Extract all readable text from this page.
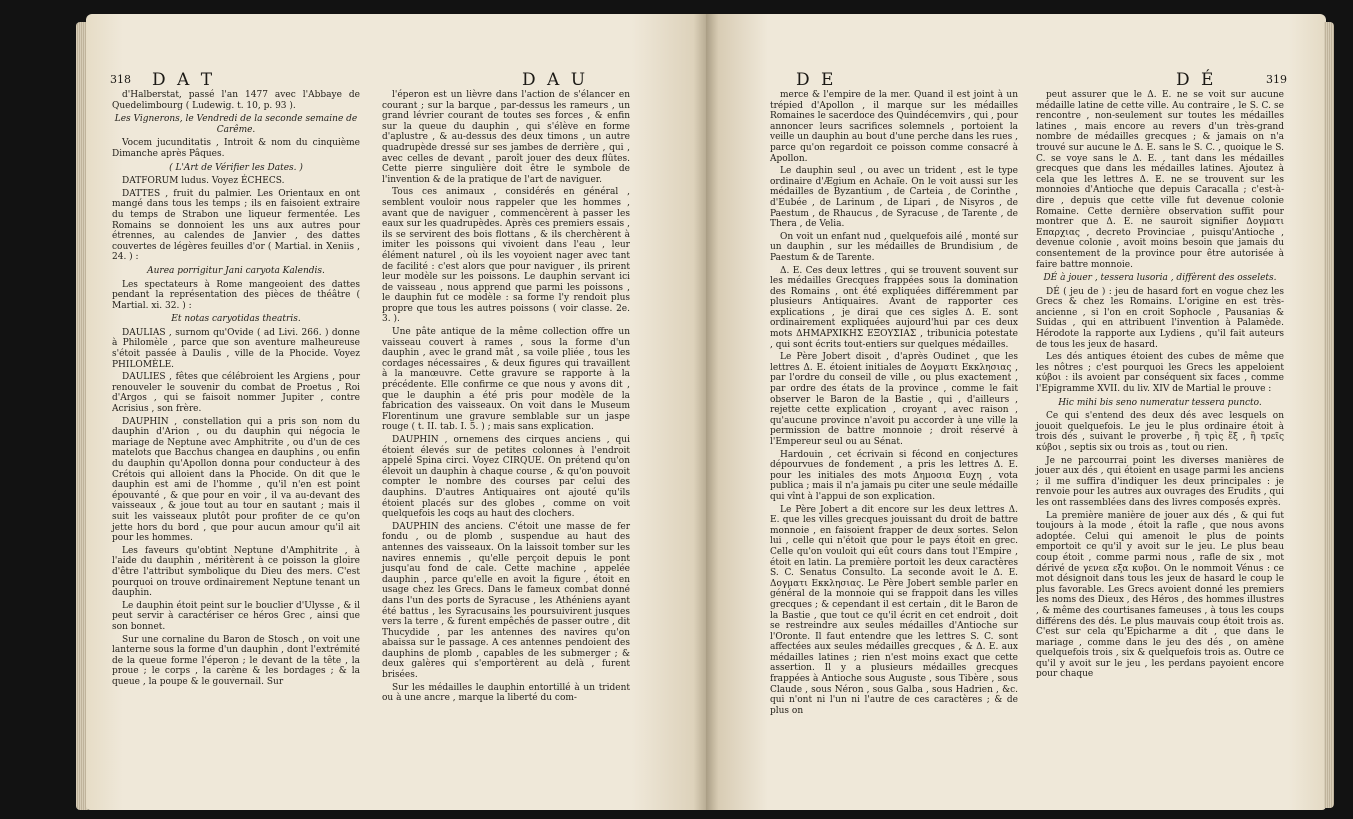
318 D A T	D A U

d'Halberstat, passé l'an 1477 avec l'Abbaye de Quedelimbourg ( Ludewig. t. 10, p. 93 ).

Les Vignerons, le Vendredi de la seconde semaine de Carême.

Vocem jucunditatis , Introit & nom du cinquième Dimanche après Pâques.

( L'Art de Vérifier les Dates. )

DATFORUM ludus. Voyez ÉCHECS.

DATTES , fruit du palmier. Les Orientaux en ont mangé dans tous les temps ; ils en faisoient extraire du temps de Strabon une liqueur fermentée. Les Romains se donnoient les uns aux autres pour étrennes, au calendes de Janvier , des dattes couvertes de légères feuilles d'or ( Martial. in Xeniis , 24. ) :

Aurea porrigitur Jani caryota Kalendis.

Les spectateurs à Rome mangeoient des dattes pendant la représentation des pièces de théâtre ( Martial. xi. 32. ) :

Et notas caryotidas theatris.

DAULIAS , surnom qu'Ovide ( ad Livi. 266. ) donne à Philomèle , parce que son aventure malheureuse s'étoit passée à Daulis , ville de la Phocide. Voyez PHILOMÈLE.

DAULIES , fêtes que célébroient les Argiens , pour renouveler le souvenir du combat de Proetus , Roi d'Argos , qui se faisoit nommer Jupiter , contre Acrisius , son frère.

DAUPHIN , constellation qui a pris son nom du dauphin d'Arion , ou du dauphin qui négocia le mariage de Neptune avec Amphitrite , ou d'un de ces matelots que Bacchus changea en dauphins , ou enfin du dauphin qu'Apollon donna pour conducteur à des Crétois qui alloient dans la Phocide. On dit que le dauphin est ami de l'homme , qu'il n'en est point épouvanté , & que pour en voir , il va au-devant des vaisseaux , & joue tout au tour en sautant ; mais il suit les vaisseaux plutôt pour profiter de ce qu'on jette hors du bord , que pour aucun amour qu'il ait pour les hommes.

Les faveurs qu'obtint Neptune d'Amphitrite , à l'aide du dauphin , méritèrent à ce poisson la gloire d'être l'attribut symbolique du Dieu des mers. C'est pourquoi on trouve ordinairement Neptune tenant un dauphin.

Le dauphin étoit peint sur le bouclier d'Ulysse , & il peut servir à caractériser ce héros Grec , ainsi que son bonnet.

Sur une cornaline du Baron de Stosch , on voit une lanterne sous la forme d'un dauphin , dont l'extrémité de la queue forme l'éperon ; le devant de la tête , la proue ; le corps , la carène & les bordages ; & la queue , la poupe & le gouvernail. Sur

l'éperon est un lièvre dans l'action de s'élancer en courant ; sur la barque , par-dessus les rameurs , un grand lévrier courant de toutes ses forces , & enfin sur la queue du dauphin , qui s'élève en forme d'aplustre , & au-dessus des deux timons , un autre quadrupède dressé sur ses jambes de derrière , qui , avec celles de devant , paroît jouer des deux flûtes. Cette pierre singulière doit être le symbole de l'invention & de la pratique de l'art de naviguer.

Tous ces animaux , considérés en général , semblent vouloir nous rappeler que les hommes , avant que de naviguer , commencèrent à passer les eaux sur les quadrupèdes. Après ces premiers essais , ils se servirent des bois flottans , & ils cherchèrent à imiter les poissons qui vivoient dans l'eau , leur élément naturel , où ils les voyoient nager avec tant de facilité : c'est alors que pour naviguer , ils prirent leur modèle sur les poissons. Le dauphin servant ici de vaisseau , nous apprend que parmi les poissons , le dauphin fut ce modèle : sa forme l'y rendoit plus propre que tous les autres poissons ( voir classe. 2e. 3. ).

Une pâte antique de la même collection offre un vaisseau couvert à rames , sous la forme d'un dauphin , avec le grand mât , sa voile pliée , tous les cordages nécessaires , & deux figures qui travaillent à la manœuvre. Cette gravure se rapporte à la précédente. Elle confirme ce que nous y avons dit , que le dauphin a été pris pour modèle de la fabrication des vaisseaux. On voit dans le Museum Florentinum une gravure semblable sur un jaspe rouge ( t. II. tab. I. 5. ) ; mais sans explication.

DAUPHIN , ornemens des cirques anciens , qui étoient élevés sur de petites colonnes à l'endroit appelé Spina circi. Voyez CIRQUE. On prétend qu'on élevoit un dauphin à chaque course , & qu'on pouvoit compter le nombre des courses par celui des dauphins. D'autres Antiquaires ont ajouté qu'ils étoient placés sur des globes , comme on voit quelquefois les coqs au haut des clochers.

DAUPHIN des anciens. C'étoit une masse de fer fondu , ou de plomb , suspendue au haut des antennes des vaisseaux. On la laissoit tomber sur les navires ennemis , qu'elle perçoit depuis le pont jusqu'au fond de cale. Cette machine , appelée dauphin , parce qu'elle en avoit la figure , étoit en usage chez les Grecs. Dans le fameux combat donné dans l'un des ports de Syracuse , les Athéniens ayant été battus , les Syracusains les poursuivirent jusques vers la terre , & furent empêchés de passer outre , dit Thucydide , par les antennes des navires qu'on abaissa sur le passage. A ces antennes pendoient des dauphins de plomb , capables de les submerger ; & deux galères qui s'emportèrent au delà , furent brisées.

Sur les médailles le dauphin entortillé à un trident ou à une ancre , marque la liberté du com-

D E	D É	319

merce & l'empire de la mer. Quand il est joint à un trépied d'Apollon , il marque sur les médailles Romaines le sacerdoce des Quindécemvirs , qui , pour annoncer leurs sacrifices solemnels , portoient la veille un dauphin au bout d'une perche dans les rues , parce qu'on regardoit ce poisson comme consacré à Apollon.

Le dauphin seul , ou avec un trident , est le type ordinaire d'Ægium en Achaïe. On le voit aussi sur les médailles de Byzantium , de Carteia , de Corinthe , d'Eubée , de Larinum , de Lipari , de Nisyros , de Paestum , de Rhaucus , de Syracuse , de Tarente , de Thera , de Velia.

On voit un enfant nud , quelquefois ailé , monté sur un dauphin , sur les médailles de Brundisium , de Paestum & de Tarente.

Δ. E. Ces deux lettres , qui se trouvent souvent sur les médailles Grecques frappées sous la domination des Romains , ont été expliquées différemment par plusieurs Antiquaires. Avant de rapporter ces explications , je dirai que ces sigles Δ. E. sont ordinairement expliquées aujourd'hui par ces deux mots ΔΗΜΑΡΧΙΚΗΣ ΕΞΟΥΣΙΑΣ , tribunicia potestate , qui sont écrits tout-entiers sur quelques médailles.

Le Père Jobert disoit , d'après Oudinet , que les lettres Δ. E. étoient initiales de Δογματι Εκκλησιας , par l'ordre du conseil de ville , ou plus exactement , par ordre des états de la province , comme le fait observer le Baron de la Bastie , qui , d'ailleurs , rejette cette explication , croyant , avec raison , qu'aucune province n'avoit pu accorder à une ville la permission de battre monnoie ; droit réservé à l'Empereur seul ou au Sénat.

Hardouin , cet écrivain si fécond en conjectures dépourvues de fondement , a pris les lettres Δ. E. pour les initiales des mots Δημοσια Ευχη , vota publica ; mais il n'a jamais pu citer une seule médaille qui vînt à l'appui de son explication.

Le Père Jobert a dit encore sur les deux lettres Δ. E. que les villes grecques jouissant du droit de battre monnoie , en faisoient frapper de deux sortes. Selon lui , celle qui n'étoit que pour le pays étoit en grec. Celle qu'on vouloit qui eût cours dans tout l'Empire , étoit en latin. La première portoit les deux caractères S. C. Senatus Consulto. La seconde avoit le Δ. E. Δογματι Εκκλησιας. Le Père Jobert semble parler en général de la monnoie qui se frappoit dans les villes grecques ; & cependant il est certain , dit le Baron de la Bastie , que tout ce qu'il écrit en cet endroit , doit se restreindre aux seules médailles d'Antioche sur l'Oronte. Il faut entendre que les lettres S. C. sont affectées aux seules médailles grecques , & Δ. E. aux médailles latines ; rien n'est moins exact que cette assertion. Il y a plusieurs médailles grecques frappées à Antioche sous Auguste , sous Tibère , sous Claude , sous Néron , sous Galba , sous Hadrien , &c. qui n'ont ni l'un ni l'autre de ces caractères ; & de plus on

peut assurer que le Δ. E. ne se voit sur aucune médaille latine de cette ville. Au contraire , le S. C. se rencontre , non-seulement sur toutes les médailles latines , mais encore au revers d'un très-grand nombre de médailles grecques ; & jamais on n'a trouvé sur aucune le Δ. E. sans le S. C. , quoique le S. C. se voye sans le Δ. E. , tant dans les médailles grecques que dans les médailles latines. Ajoutez à cela que les lettres Δ. E. ne se trouvent sur les monnoies d'Antioche que depuis Caracalla ; c'est-à-dire , depuis que cette ville fut devenue colonie Romaine. Cette dernière observation suffit pour montrer que Δ. E. ne sauroit signifier Δογματι Επαρχιας , decreto Provinciae , puisqu'Antioche , devenue colonie , avoit moins besoin que jamais du consentement de la province pour être autorisée à faire battre monnoie.

DÉ à jouer , tessera lusoria , diffèrent des osselets.

DÉ ( jeu de ) : jeu de hasard fort en vogue chez les Grecs & chez les Romains. L'origine en est très-ancienne , si l'on en croit Sophocle , Pausanias & Suidas , qui en attribuent l'invention à Palamède. Hérodote la rapporte aux Lydiens , qu'il fait auteurs de tous les jeux de hasard.

Les dés antiques étoient des cubes de même que les nôtres ; c'est pourquoi les Grecs les appeloient κύβοι : ils avoient par conséquent six faces , comme l'Epigramme XVII. du liv. XIV de Martial le prouve :

Hic mihi bis seno numeratur tessera puncto.

Ce qui s'entend des deux dés avec lesquels on jouoit quelquefois. Le jeu le plus ordinaire étoit à trois dés , suivant le proverbe , ἢ τρὶς ἕξ , ἢ τρεῖς κύβοι , septis six ou trois as , tout ou rien.

Je ne parcourrai point les diverses manières de jouer aux dés , qui étoient en usage parmi les anciens ; il me suffira d'indiquer les deux principales : je renvoie pour les autres aux ouvrages des Erudits , qui les ont rassemblées dans des livres composés exprès.

La première manière de jouer aux dés , & qui fut toujours à la mode , étoit la rafle , que nous avons adoptée. Celui qui amenoit le plus de points emportoit ce qu'il y avoit sur le jeu. Le plus beau coup étoit , comme parmi nous , rafle de six , mot dérivé de γενεα εξα κυβοι. On le nommoit Vénus : ce mot désignoit dans tous les jeux de hasard le coup le plus favorable. Les Grecs avoient donné les premiers les noms des Dieux , des Héros , des hommes illustres , & même des courtisanes fameuses , à tous les coups différens des dés. Le plus mauvais coup étoit trois as. C'est sur cela qu'Epicharme a dit , que dans le mariage , comme dans le jeu des dés , on amène quelquefois trois , six & quelquefois trois as. Outre ce qu'il y avoit sur le jeu , les perdans payoient encore pour chaque
